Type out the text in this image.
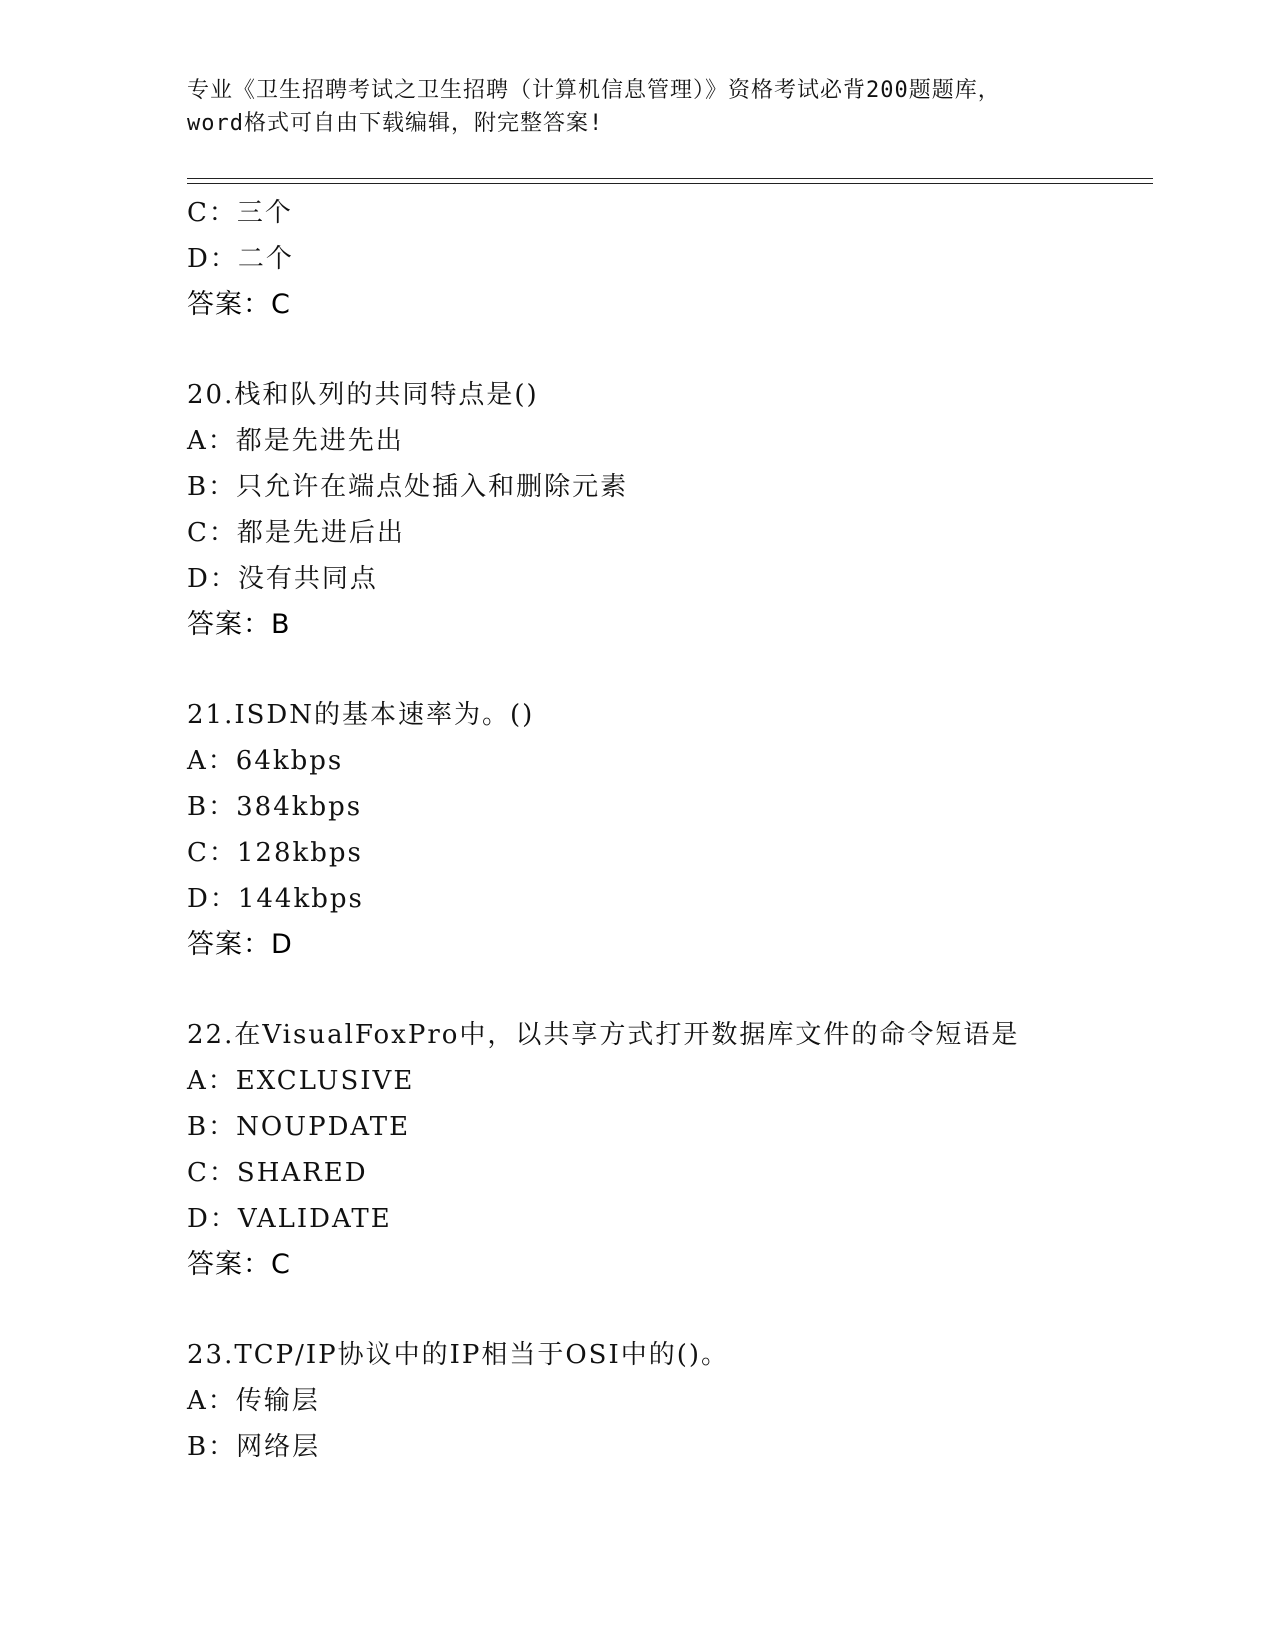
专业《卫生招聘考试之卫生招聘（计算机信息管理）》资格考试必背200题题库，
word格式可自由下载编辑，附完整答案!
C：三个
D：二个
答案：C
20.栈和队列的共同特点是()
A：都是先进先出
B：只允许在端点处插入和删除元素
C：都是先进后出
D：没有共同点
答案：B
21.ISDN的基本速率为。()
A：64kbps
B：384kbps
C：128kbps
D：144kbps
答案：D
22.在VisualFoxPro中，以共享方式打开数据库文件的命令短语是
A：EXCLUSIVE
B：NOUPDATE
C：SHARED
D：VALIDATE
答案：C
23.TCP/IP协议中的IP相当于OSI中的()。
A：传输层
B：网络层
